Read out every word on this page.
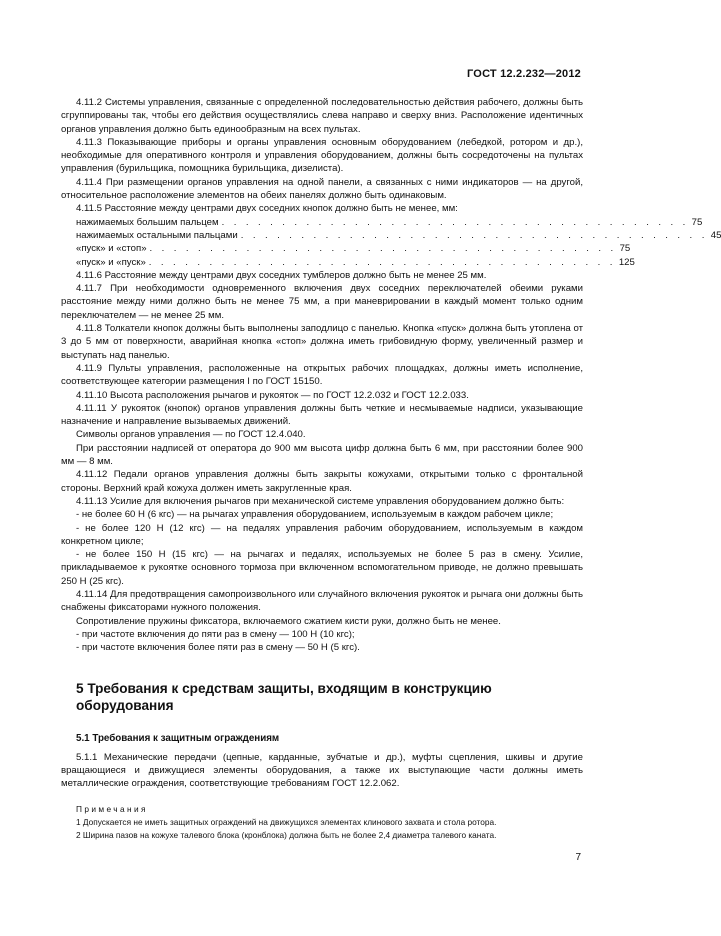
ГОСТ 12.2.232—2012

4.11.2 Системы управления, связанные с определенной последовательностью действия рабочего, должны быть сгруппированы так, чтобы его действия осуществлялись слева направо и сверху вниз. Расположение идентичных органов управления должно быть единообразным на всех пультах.

4.11.3 Показывающие приборы и органы управления основным оборудованием (лебедкой, ротором и др.), необходимые для оперативного контроля и управления оборудованием, должны быть сосредоточены на пультах управления (бурильщика, помощника бурильщика, дизелиста).

4.11.4 При размещении органов управления на одной панели, а связанных с ними индикаторов — на другой, относительное расположение элементов на обеих панелях должно быть одинаковым.

4.11.5 Расстояние между центрами двух соседних кнопок должно быть не менее, мм:

нажимаемых большим пальцем . . . . . . . . . . . . . . . . . . . . . . . . . . . . . . . . . . . . . . . 75
нажимаемых остальными пальцами . . . . . . . . . . . . . . . . . . . . . . . . . . . . . . . . . . . . . . . 45
«пуск» и «стоп» . . . . . . . . . . . . . . . . . . . . . . . . . . . . . . . . . . . . . . . 75
«пуск» и «пуск» . . . . . . . . . . . . . . . . . . . . . . . . . . . . . . . . . . . . . . . 125

4.11.6 Расстояние между центрами двух соседних тумблеров должно быть не менее 25 мм.

4.11.7 При необходимости одновременного включения двух соседних переключателей обеими руками расстояние между ними должно быть не менее 75 мм, а при маневрировании в каждый момент только одним переключателем — не менее 25 мм.

4.11.8 Толкатели кнопок должны быть выполнены заподлицо с панелью. Кнопка «пуск» должна быть утоплена от 3 до 5 мм от поверхности, аварийная кнопка «стоп» должна иметь грибовидную форму, увеличенный размер и выступать над панелью.

4.11.9 Пульты управления, расположенные на открытых рабочих площадках, должны иметь исполнение, соответствующее категории размещения I по ГОСТ 15150.

4.11.10 Высота расположения рычагов и рукояток — по ГОСТ 12.2.032 и ГОСТ 12.2.033.

4.11.11 У рукояток (кнопок) органов управления должны быть четкие и несмываемые надписи, указывающие назначение и направление вызываемых движений.

Символы органов управления — по ГОСТ 12.4.040.

При расстоянии надписей от оператора до 900 мм высота цифр должна быть 6 мм, при расстоянии более 900 мм — 8 мм.

4.11.12 Педали органов управления должны быть закрыты кожухами, открытыми только с фронтальной стороны. Верхний край кожуха должен иметь закругленные края.

4.11.13 Усилие для включения рычагов при механической системе управления оборудованием должно быть:

- не более 60 Н (6 кгс) — на рычагах управления оборудованием, используемым в каждом рабочем цикле;

- не более 120 Н (12 кгс) — на педалях управления рабочим оборудованием, используемым в каждом конкретном цикле;

- не более 150 Н (15 кгс) — на рычагах и педалях, используемых не более 5 раз в смену. Усилие, прикладываемое к рукоятке основного тормоза при включенном вспомогательном приводе, не должно превышать 250 Н (25 кгс).

4.11.14 Для предотвращения самопроизвольного или случайного включения рукояток и рычага они должны быть снабжены фиксаторами нужного положения.

Сопротивление пружины фиксатора, включаемого сжатием кисти руки, должно быть не менее.

- при частоте включения до пяти раз в смену — 100 Н (10 кгс);

- при частоте включения более пяти раз в смену — 50 Н (5 кгс).

5 Требования к средствам защиты, входящим в конструкцию оборудования
5.1 Требования к защитным ограждениям

5.1.1 Механические передачи (цепные, карданные, зубчатые и др.), муфты сцепления, шкивы и другие вращающиеся и движущиеся элементы оборудования, а также их выступающие части должны иметь металлические ограждения, соответствующие требованиям ГОСТ 12.2.062.

Примечания
1 Допускается не иметь защитных ограждений на движущихся элементах клинового захвата и стола ротора.
2 Ширина пазов на кожухе талевого блока (кронблока) должна быть не более 2,4 диаметра талевого каната.
7
